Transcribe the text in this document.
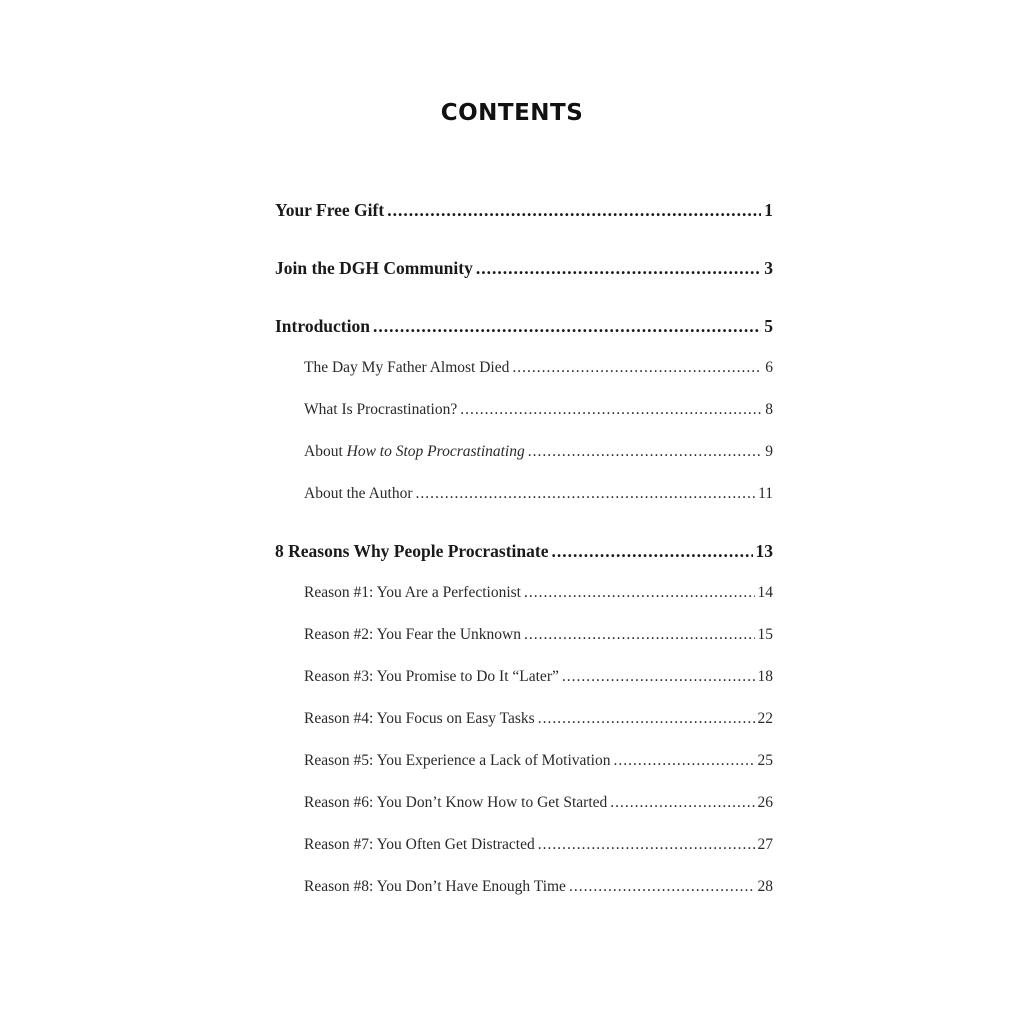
CONTENTS
Your Free Gift .....	1
Join the DGH Community .....	3
Introduction .....	5
The Day My Father Almost Died .....	6
What Is Procrastination? .....	8
About How to Stop Procrastinating .....	9
About the Author .....	11
8 Reasons Why People Procrastinate .....	13
Reason #1: You Are a Perfectionist .....	14
Reason #2: You Fear the Unknown .....	15
Reason #3: You Promise to Do It “Later” .....	18
Reason #4: You Focus on Easy Tasks .....	22
Reason #5: You Experience a Lack of Motivation .....	25
Reason #6: You Don’t Know How to Get Started .....	26
Reason #7: You Often Get Distracted .....	27
Reason #8: You Don’t Have Enough Time .....	28
